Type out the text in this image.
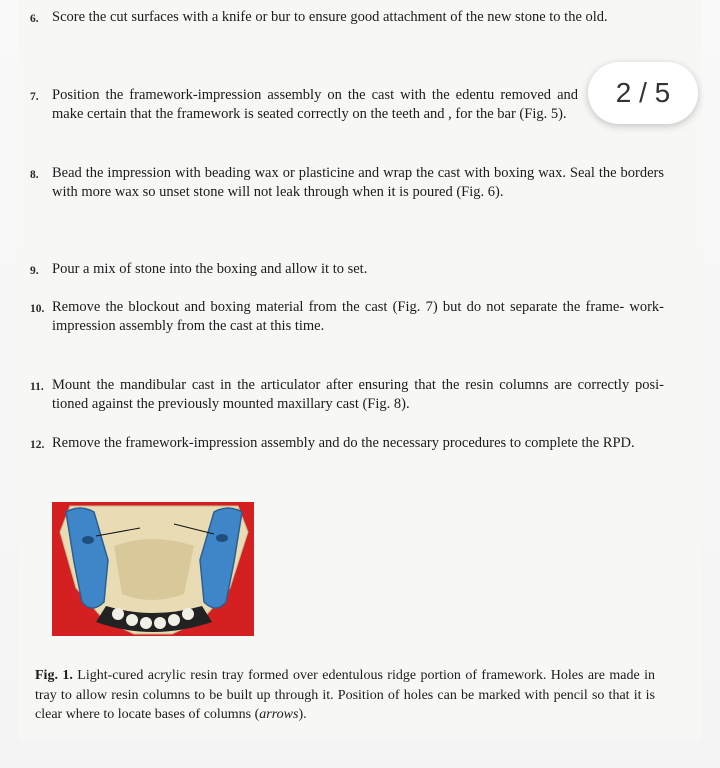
6. Score the cut surfaces with a knife or bur to ensure good attachment of the new stone to the old.
7. Position the framework-impression assembly on the cast with the edentu removed and make certain that the framework is seated correctly on the teeth and , for the bar (Fig. 5).
8. Bead the impression with beading wax or plasticine and wrap the cast with boxing wax. Seal the borders with more wax so unset stone will not leak through when it is poured (Fig. 6).
9. Pour a mix of stone into the boxing and allow it to set.
10. Remove the blockout and boxing material from the cast (Fig. 7) but do not separate the frame- work-impression assembly from the cast at this time.
11. Mount the mandibular cast in the articulator after ensuring that the resin columns are correctly posi- tioned against the previously mounted maxillary cast (Fig. 8).
12. Remove the framework-impression assembly and do the necessary procedures to complete the RPD.
2 / 5
Fig. 1. Light-cured acrylic resin tray formed over edentulous ridge portion of framework. Holes are made in tray to allow resin columns to be built up through it. Position of holes can be marked with pencil so that it is clear where to locate bases of columns (arrows).
